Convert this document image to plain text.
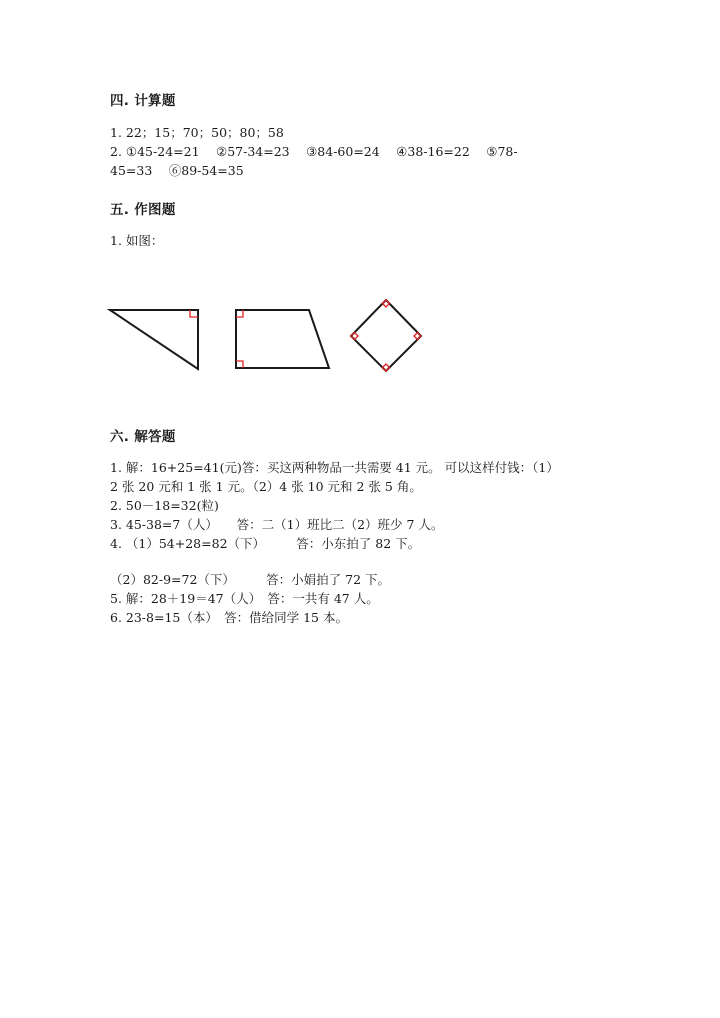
四. 计算题
1. 22；15；70；50；80；58
2. ①45-24=21　 ②57-34=23　 ③84-60=24　 ④38-16=22　 ⑤78-
45=33　 ⑥89-54=35
五. 作图题
1. 如图：
六. 解答题
1. 解：16+25=41(元)答：买这两种物品一共需要 41 元。 可以这样付钱：（1）
2 张 20 元和 1 张 1 元。（2）4 张 10 元和 2 张 5 角。
2. 50－18=32(粒)
3. 45-38=7（人）　　答：二（1）班比二（2）班少 7 人。
4. （1）54+28=82（下）　　　答：小东拍了 82 下。
（2）82-9=72（下）　　　答：小娟拍了 72 下。
5. 解：28＋19＝47（人）　答：一共有 47 人。
6. 23-8=15（本）　答：借给同学 15 本。
